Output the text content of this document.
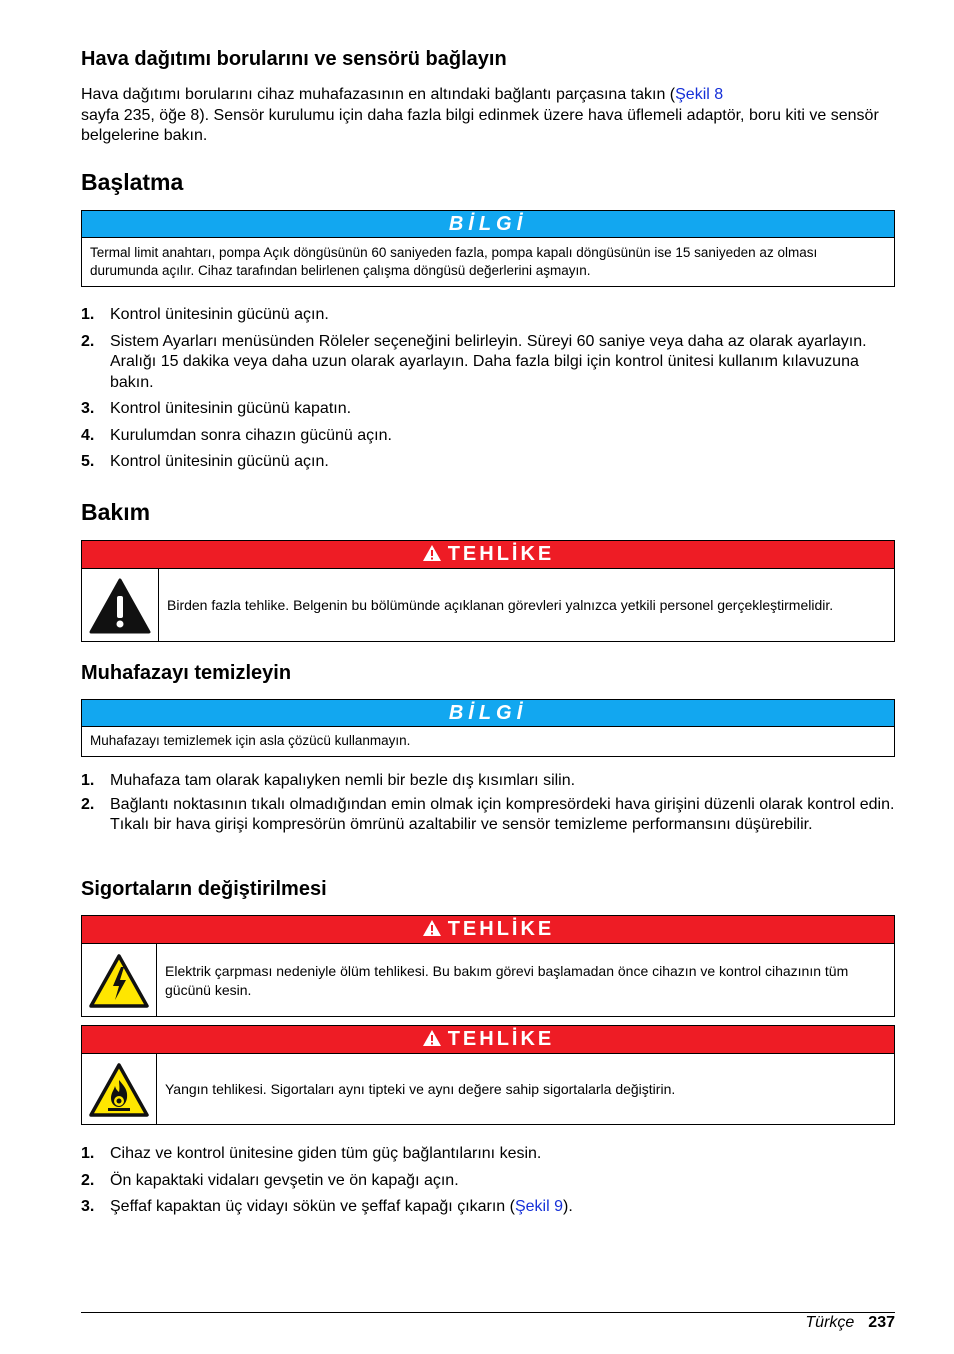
Hava dağıtımı borularını ve sensörü bağlayın
Hava dağıtımı borularını cihaz muhafazasının en altındaki bağlantı parçasına takın (Şekil 8
sayfa 235, öğe 8). Sensör kurulumu için daha fazla bilgi edinmek üzere hava üflemeli adaptör, boru kiti ve sensör belgelerine bakın.
Başlatma
BİLGİ
Termal limit anahtarı, pompa Açık döngüsünün 60 saniyeden fazla, pompa kapalı döngüsünün ise 15 saniyeden az olması durumunda açılır. Cihaz tarafından belirlenen çalışma döngüsü değerlerini aşmayın.
1. Kontrol ünitesinin gücünü açın.
2. Sistem Ayarları menüsünden Röleler seçeneğini belirleyin. Süreyi 60 saniye veya daha az olarak ayarlayın. Aralığı 15 dakika veya daha uzun olarak ayarlayın. Daha fazla bilgi için kontrol ünitesi kullanım kılavuzuna bakın.
3. Kontrol ünitesinin gücünü kapatın.
4. Kurulumdan sonra cihazın gücünü açın.
5. Kontrol ünitesinin gücünü açın.
Bakım
TEHLİKE
Birden fazla tehlike. Belgenin bu bölümünde açıklanan görevleri yalnızca yetkili personel gerçekleştirmelidir.
Muhafazayı temizleyin
BİLGİ
Muhafazayı temizlemek için asla çözücü kullanmayın.
1. Muhafaza tam olarak kapalıyken nemli bir bezle dış kısımları silin.
2. Bağlantı noktasının tıkalı olmadığından emin olmak için kompresördeki hava girişini düzenli olarak kontrol edin. Tıkalı bir hava girişi kompresörün ömrünü azaltabilir ve sensör temizleme performansını düşürebilir.
Sigortaların değiştirilmesi
TEHLİKE
Elektrik çarpması nedeniyle ölüm tehlikesi. Bu bakım görevi başlamadan önce cihazın ve kontrol cihazının tüm gücünü kesin.
TEHLİKE
Yangın tehlikesi. Sigortaları aynı tipteki ve aynı değere sahip sigortalarla değiştirin.
1. Cihaz ve kontrol ünitesine giden tüm güç bağlantılarını kesin.
2. Ön kapaktaki vidaları gevşetin ve ön kapağı açın.
3. Şeffaf kapaktan üç vidayı sökün ve şeffaf kapağı çıkarın (Şekil 9).
Türkçe 237
